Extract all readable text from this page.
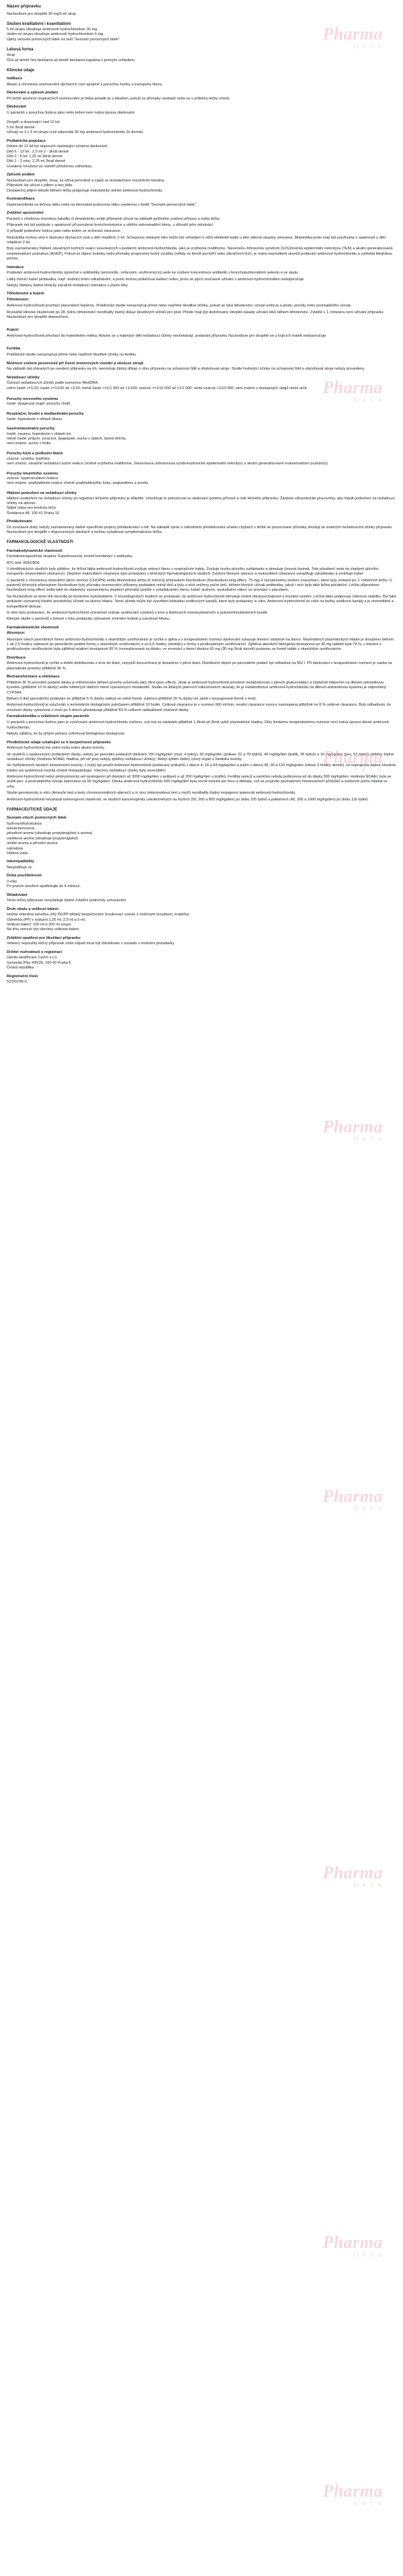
Pharma
D A T A
Pharma
D A T A
Pharma
D A T A
Pharma
D A T A
Pharma
D A T A
Pharma
D A T A
Pharma
D A T A
Pharma
D A T A
Název přípravku

Nucleodium pro dospělé 30 mg/5 ml sirup

Složení kvalitativní i kvantitativní

5 ml sirupu obsahuje ambroxoli hydrochloridum 30 mg.

Jeden ml sirupu obsahuje ambroxoli hydrochloridum 6 mg.

Úplný seznam pomocných látek viz bod "Seznam pomocných látek".

Léková forma

sirup

Čirá až téměř čirá bezbarvá až téměř bezbarvá kapalina s jemným vzhledem.

Klinické údaje
Indikace

Akutní a chronická onemocnění dýchacích cest spojené s poruchou tvorby a transportu hlenu.

Dávkování a způsob podání

Při léčbě akutních respiračních onemocnění je třeba poradit se s lékařem, pokud se příznaky nezlepší nebo se v průběhu léčby zhorší.

Dávkování

U pacientů s poruchou funkce jater nebo ledvin není nutná úprava dávkování.

Dospělí a dospívající nad 12 let:

5 ml 3krát denně

Užívají se 3 x 5 ml sirupu (což odpovídá 30 mg ambroxol-hydrochloridu 3x denně).

Pediatrická populace

Dětem do 12 let lze doporučit následující schéma dávkování:

Děti 6 - 12 let : 2,5 ml 2 - 3krát denně

Děti 2 - 5 let: 1,25 ml 3krát denně

Děti 1 - 2 roky: 1,25 ml 2krát denně

Uvedená množství se odměří přiloženou odměrkou.

Způsob podání

Nucleodium pro dospělé, sirup, se užívá perorálně a zapíjí se dostatečným množstvím tekutiny.

Přípravek lze užívat s jídlem a bez jídla.

Dostatečný příjem tekutin během léčby podporuje mukolytický účinek ambroxol-hydrochloridu.

Kontraindikace

Hypersenzitivita na léčivou látku nebo na kteroukoli pomocnou látku uvedenou v bodě "Seznam pomocných látek".

Zvláštní upozornění

Pacienti s vředovou chorobou žaludku či dvanáctníku smějí přípravek užívat na základě pečlivého zvážení přínosu a rizika léčby.

Přípravek má být podáván s opatrností při porušené bronchomotorice a větším nahromadění hlenu, z důvodů jeho městnání.

V případě podezření funkce jater nebo ledvin se sníženou clearance.

Mukolytika mohou vést k obstrukci dýchacích cest u dětí mladších 2 let. Schopnost odstranit hlen může být vzhledem k nižší efektivitě kašle u této věkové skupiny omezena. Mukolytika proto mají být používána s opatrností u dětí mladších 2 let.

Byly zaznamenány hlášení závažných kožních reakcí souvisejících s podáním ambroxol-hydrochloridu, jako je erythema multiforme, Stevensův-Johnsonův syndrom (SJS)/toxická epidermální nekrolýza (TEN) a akutní generalizovaná exantematózní pustulóza (AGEP). Pokud se objeví známky nebo příznaky progresivní kožní vyrážky (někdy ve formě puchýřů nebo slizničních lézí), je nutno neprodleně ukončit podávání ambroxol-hydrochloridu a vyhledat lékařskou pomoc.

Interakce

Podávání ambroxol-hydrochloridu společně s antibiotiky (amoxicilin, cefuroxim, erythromycin) vede ke zvýšení koncentrace antibiotik v bronchopulmonálním sekretu a ve sputu.

Látky tlumící kašel (antitusika, např. kodein) brání odkašlávání, a proto mohou potlačovat kašlací reflex, proto se jejich současné užívání s ambroxol-hydrochloridem nedoporučuje.

Nebyly hlášeny žádné klinicky závažné nežádoucí interakce s jinými léky.

Těhotenství a kojení

Těhotenství:

Ambroxol-hydrochlorid prochází placentární bariérou. Preklinické studie nenaznačují přímé nebo nepřímé škodlivé účinky, pokud se týká těhotenství, vývoje embrya a plodu, porodu nebo postnatálního vývoje.

Rozsáhlé klinické zkušenosti po 28. týdnu těhotenství neodhalily žádný důkaz škodlivých účinků pro plod. Přesto mají být dodržovány obvyklé zásady užívání léků během těhotenství. Zvláště v 1. trimestru není užívání přípravku Nucleodium pro dospělé doporučeno.

Kojení:

Ambroxol-hydrochlorid přechází do mateřského mléka. Ačkoliv se u kojených dětí nežádoucí účinky neočekávají, podávání přípravku Nucleodium pro dospělé se u kojících matek nedoporučuje.

Fertilita

Preklinické studie nenaznačují přímé nebo nepřímé škodlivé účinky na fertilitu.

Možnost snížení pozornosti při řízení motorových vozidel a obsluze strojů

Na základě dat získaných po uvedení přípravku na trh, neexistuje žádný důkaz o vlivu přípravku na schopnost řídit a obsluhovat stroje. Studie hodnotící účinky na schopnost řídit a obsluhovat stroje nebyly provedeny.

Nežádoucí účinky

Četnost nežádoucích účinků podle konvence MedDRA:

velmi časté >=1/10; časté >=1/100 až <1/10; méně časté >=1/1 000 až <1/100; vzácné >=1/10 000 až <1/1 000; velmi vzácné <1/10 000; není známo z dostupných údajů nelze určit.

Poruchy nervového systému

časté: dysgeuzie (např. poruchy chuti)

Respirační, hrudní a mediastinální poruchy

časté: hypestezie v oblasti hltanu

Gastrointestinální poruchy

časté: nauzea, hypestezie v oblasti úst

méně časté: průjem, zvracení, dyspepsie, sucho v ústech, bolest břicha

není známo: sucho v hrdle

Poruchy kůže a podkožní tkáně

vzácné: vyrážka, kopřivka

není známo: závažné nežádoucí kožní reakce (včetně erythema multiforme, Stevensova-Johnsonova syndromu/toxické epidermální nekrolýzy a akutní generalizované exantematózní pustulózy)

Poruchy imunitního systému

vzácné: hypersenzitivní reakce

není známo: anafylaktické reakce včetně anafylaktického šoku, angioedému a pruritu

Hlášení podezření na nežádoucí účinky

Hlášení podezření na nežádoucí účinky po registraci léčivého přípravku je důležité. Umožňuje to pokračovat ve sledování poměru přínosů a rizik léčivého přípravku. Žádáme zdravotnické pracovníky, aby hlásili podezření na nežádoucí účinky na adresu:

Státní ústav pro kontrolu léčiv

Šrobárova 48, 100 41 Praha 10

Předávkování

Do současné doby nebyly zaznamenány žádné specifické projevy předávkování u lidí. Na základě zpráv o náhodném předávkování a/nebo chybách v léčbě se pozorované příznaky shodují se známými nežádoucími účinky přípravku Nucleodium pro dospělé v doporučených dávkách a mohou vyžadovat symptomatickou léčbu.

FARMAKOLOGICKÉ VLASTNOSTI
Farmakodynamické vlastnosti

Farmakoterapeutická skupina: Expektorancia, kromě kombinací s antitusiky.

ATC kód: R05CB06

V předklinických studiích bylo zjištěno, že léčivá látka ambroxol-hydrochlorid zvyšuje sekreci hlenu v respiračním traktu. Zvyšuje tvorbu plicního surfaktantu a stimuluje činnost řasinek. Toto působení vede ke zlepšení plicního transportu (mukociliární clearance). Zlepšení mukociliární clearance bylo prokázáno v klinických farmakologických studiích. Zvýšení hlenové sekrece a mukociliární clearance usnadňuje vykašlávání a zmírňuje kašel.

U pacientů s chronickou obstrukční plicní nemocí (CHOPN) vedla dlouhodobá léčba (6 měsíců) přípravkem Nucleodium (Nucleodium long effect, 75 mg) k významnému snížení exacerbací, které byly získané po 2. měsíčním léčby. U pacientů léčených přípravkem Nucleodium byly příznaky onemocnění přítomny podstatně méně dnů a byly u nich sníženy počet dnů, během kterých užívali antibiotika, jakož i nich byla také léčba počáteční. Léčba přípravkem Nucleodium long effect vedla také ke statisticky významnému zlepšení příznaků (potíže s vykašláváním hlenu, kašel, dušnost, auskultační nález) ve srovnání s placebem.

Na Nucleodium se tento lék nevznikl po konkrétní mykobakterie. V imunologických studiích se prokázalo, že ambroxol-hydrochlorid stimuluje místní obranyschopnost a imunitní systém. Léčivá látka podporuje celkovou stabilitu. Byl také prokázán významný lokální anestetický účinek na sliznici hltanu. Tento účinek může být vysvětlen blokádou sodíkových kanálů, které byly prokázány in vitro. Ambroxol-hydrochlorid se váže na buňky sodíkové kanály a je reverzibilně a kompetitivně blokuje.

In vitro bylo prokázáno, že ambroxol-hydrochlorid významně snižuje uvolňování cytokinů z krve a tkáňových mononukleárních a polymorfonukleárních buněk.

Klinické studie u pacientů s bolestí v krku prokázaly významné zmírnění bolesti a zarudnutí hltanu.

Farmakokinetické vlastnosti

Absorpce:

Absorpce všech perorálních forem ambroxol-hydrochloridu s okamžitým uvolňováním je rychlá a úplná a v terapeutickém rozmezí dávkování vykazuje lineární závislost na dávce. Maximálních plazmatických hladin je dosaženo během 1 až 2,5 hodiny nabízené po perorálním podání formy s okamžitým uvolňováním a za 6,5 hodiny (medián) u formy s prodlouženým uvolňováním. Zjištěná absolutní biologická dostupnost po 30 mg tabletě byla 79 %, v tobolce s prodlouženým uvolňováním byla zjištěná relativní dostupnost 95 % (normalizovaná na dávku, ve srovnání s denní dávkou 60 mg (30 mg 2krát denně) podanou ve formě tablet s okamžitým uvolňováním.

Distribuce

Ambroxol-hydrochlorid je rychle a dobře distribuován z krve do tkání, nejvyšší koncentrace je dosaženo v plicní tkáni. Distribuční objem po perorálním podání byl odhadnut na 552 l. Při dávkování v terapeutickém rozmezí je vazba na plazmatické proteiny přibližně 90 %.

Biotransformace a eliminace

Přibližně 30 % perorální podané dávky je eliminováno během prvního průchodu játry (first pass effect). Jinak je ambroxol-hydrochlorid primárně metabolizován v játrech glukuronidací a částečně štěpením na dibrom-antranilovou kyselinu (přibližně 10 % dávky) vedle některých dalších méně významných metabolitů. Studie na lidských jaterních mikrozomech ukázaly, že je metabolismus ambroxol-hydrochloridu na dibrom-antranilovou kyselinu je odpovědný CYP3A4.

Během 3 dnů perorálního podávání se přibližně 6 % dávky nalézá ve volné formě, zatímco přibližně 26 % dávky lze zjistit v konjugované formě v moči.

Ambroxol-hydrochlorid je vylučován s terminálním biologickým poločasem přibližně 10 hodin. Celková clearance je v rozmezí 660 ml/min, renální clearance vysoce zastoupena přibližně ne 8 % celkové clearance. Bylo odhadnuto, že množství dávky vyloučené v moči po 5 dnech představuje přibližně 83 % celkové radioaktivně značené dávky.

Farmakokinetika u zvláštních skupin pacientů:

U pacientů s poruchou funkce jater je vylučování ambroxol-hydrochloridu sníženo, což má za následek přibližně 1,3krát až 2krát vyšší plazmatické hladiny. Díky širokému terapeutickému rozmezí není nutná úprava dávek ambroxol-hydrochloridu.

Nebyly zjištěny, že by příjem potravy ovlivňoval biologickou dostupnost.

Předklinické údaje vztahující se k bezpečnosti přípravku

Ambroxol-hydrochlorid má velmi nízký index akutní toxicity.

Ve studiích s opakovaným podáváním dávky, nebyly po perorální podaných dávkách 150 mg/kg/den (myš, 4 týdny), 50 mg/kg/den (potkan, 52 a 78 týdnů), 40 mg/kg/den (králík, 26 týdnů) a 10 mg/kg/den (pes, 52 týdnů) zjištěny žádné nežádoucí účinky (hodnota NOAEL hladina, při níž jsou nebyly zjištěny nežádoucí účinky). Nebyl zjištěn žádný cílový orgán z hlediska toxicity.

Ve čtyřtýdenních studiích intravenózní toxicity, s nízký byl použit ambroxol-hydrochlorid (podávaný potkanů) v dávce 4, 14 a 64 mg/kg/den a psům v dávce 45, 90 a 120 mg/kg/den (infúze 3 hodiny denně), se neprojevila žádná závažná lokální ani systémová toxicita včetně histopatologie. Všechny nežádoucí účinky byly reverzibilní.

Ambroxol-hydrochlorid nebyl embryotoxický ani teratogenní při dávkách až 3000 mg/kg/den u potkanů a až 200 mg/kg/den u králíků. Fertilita samců a samiček nebyla poškozena až do dávky 500 mg/kg/den. Hodnota NOAEL byla ve studii peri- a postnatálního vývoje stanovena na 50 mg/kg/den. Dávka ambroxol-hydrochloridu 500 mg/kg/den byla mírně toxická pro fenu a štěňata, což se projevilo zpomalením hmotnostních přírůstků a snížením počtu mláďat ve vrhu.

Studie genotoxicity in vitro (Amesův test a testy chromozomálních aberací) a in vivo (mikronukleus test u myší) neodhalily žádný mutagenní potenciál ambroxol-hydrochloridu.

Ambroxol-hydrochlorid nevykázal tumorogenní vlastnosti, ve studiích kancerogenity uskutečněných na myších (50, 200 a 800 mg/kg/den) po dobu 105 týdnů a potkanech (40, 200 a 1000 mg/kg/den) po dobu 116 týdnů.

FARMACEUTICKÉ ÚDAJE
Seznam všech pomocných látek

hydroxyethylcelulosa

tekutá benzoová

jahodové aroma (obsahuje propylenglykol a aroma)

vanilkové aroma (obsahuje propylenglykol)

umělé aroma a přírodní aroma

sukralosa

čištěná voda

Inkompatibility

Neuplatňuje se.

Doba použitelnosti

3 roky

Po prvním otevření spotřebujte do 6 měsíců.

Skladování

Tento léčivý přípravek nevyžaduje žádné zvláštní podmínky uchovávání.

Druh obalu a velikost balení

Hnědá skleněná lahvička, bílý PE/PP dětský bezpečnostní šroubovací uzávěr s vloženým kroužkem, krabička.

Odměrka (PP) s ryskami 1,25 ml; 2,5 ml a 5 ml.

Velikost balení: 100 ml a 200 ml sirupu

Na trhu nemusí být všechny velikosti balení.

Zvláštní opatření pro likvidaci přípravku

Veškerý nepoužitý léčivý přípravek nebo odpad musí být zlikvidován v souladu s místními požadavky.

Držitel rozhodnutí o registraci

Opella Healthcare Czech s.r.o.

Generála Píky 430/26, 160 00 Praha 6

Česká republika

Registrační číslo

52/201/06-C
